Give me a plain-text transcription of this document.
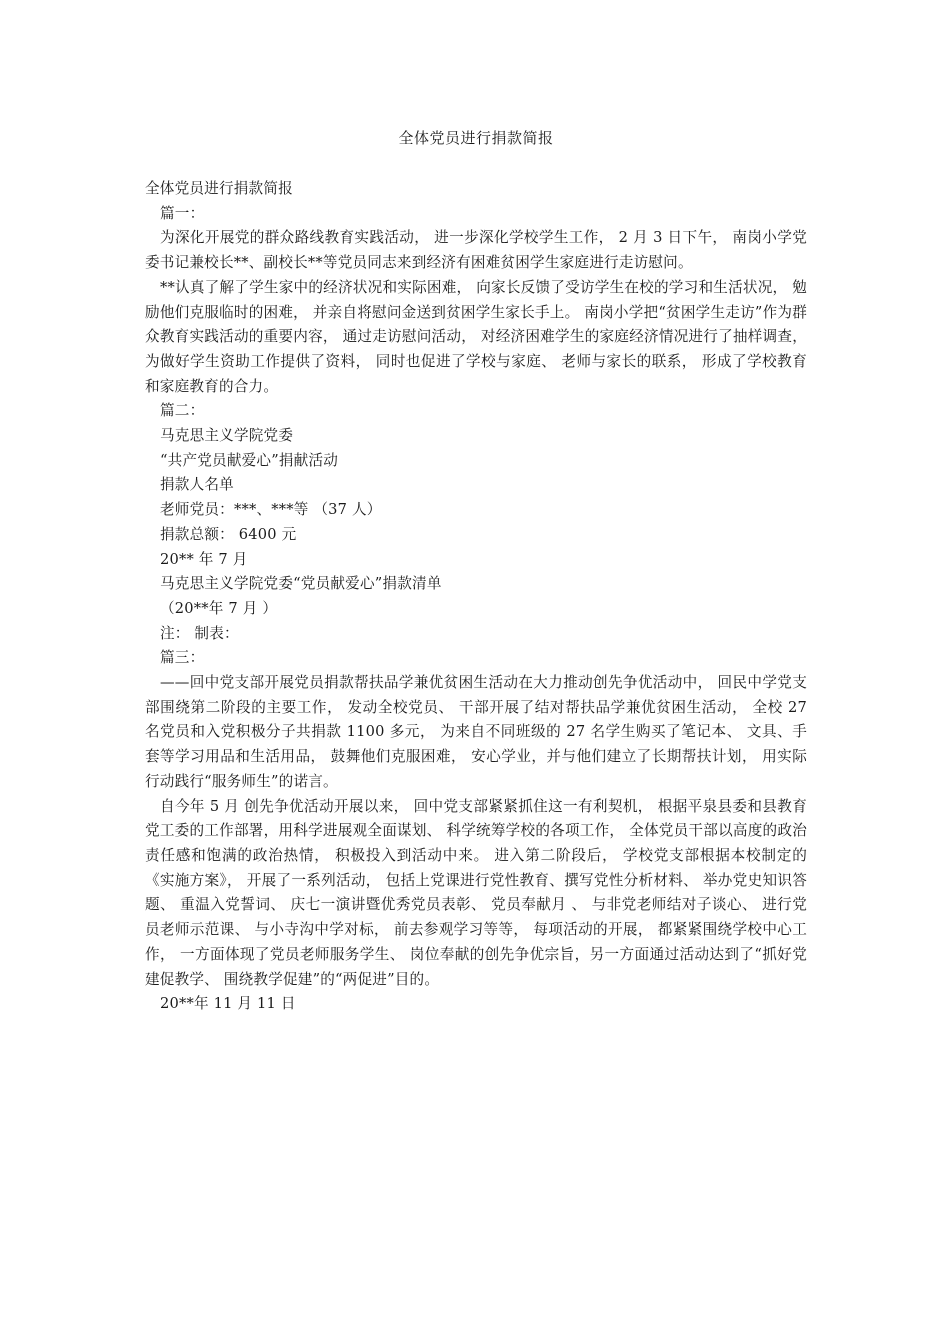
全体党员进行捐款简报

全体党员进行捐款简报

篇一：

为深化开展党的群众路线教育实践活动， 进一步深化学校学生工作， 2 月 3 日下午， 南岗小学党委书记兼校长**、副校长**等党员同志来到经济有困难贫困学生家庭进行走访慰问。

**认真了解了学生家中的经济状况和实际困难， 向家长反馈了受访学生在校的学习和生活状况， 勉励他们克服临时的困难， 并亲自将慰问金送到贫困学生家长手上。 南岗小学把“贫困学生走访”作为群众教育实践活动的重要内容， 通过走访慰问活动， 对经济困难学生的家庭经济情况进行了抽样调查， 为做好学生资助工作提供了资料， 同时也促进了学校与家庭、 老师与家长的联系， 形成了学校教育和家庭教育的合力。

篇二：

马克思主义学院党委

“共产党员献爱心”捐献活动

捐款人名单

老师党员：***、***等 （37 人）

捐款总额： 6400 元

20** 年 7 月

马克思主义学院党委“党员献爱心”捐款清单

（20**年 7 月 ）

注： 制表：

篇三：

——回中党支部开展党员捐款帮扶品学兼优贫困生活动在大力推动创先争优活动中， 回民中学党支部围绕第二阶段的主要工作， 发动全校党员、 干部开展了结对帮扶品学兼优贫困生活动， 全校 27 名党员和入党积极分子共捐款 1100 多元， 为来自不同班级的 27 名学生购买了笔记本、 文具、手套等学习用品和生活用品， 鼓舞他们克服困难， 安心学业，并与他们建立了长期帮扶计划， 用实际行动践行“服务师生”的诺言。

自今年 5 月 创先争优活动开展以来， 回中党支部紧紧抓住这一有利契机， 根据平泉县委和县教育党工委的工作部署，用科学进展观全面谋划、 科学统筹学校的各项工作， 全体党员干部以高度的政治责任感和饱满的政治热情， 积极投入到活动中来。 进入第二阶段后， 学校党支部根据本校制定的《实施方案》， 开展了一系列活动， 包括上党课进行党性教育、撰写党性分析材料、 举办党史知识答题、 重温入党誓词、 庆七一演讲暨优秀党员表彰、 党员奉献月 、 与非党老师结对子谈心、 进行党员老师示范课、 与小寺沟中学对标， 前去参观学习等等， 每项活动的开展， 都紧紧围绕学校中心工作， 一方面体现了党员老师服务学生、 岗位奉献的创先争优宗旨，另一方面通过活动达到了“抓好党建促教学、 围绕教学促建”的“两促进”目的。

20**年 11 月 11 日
